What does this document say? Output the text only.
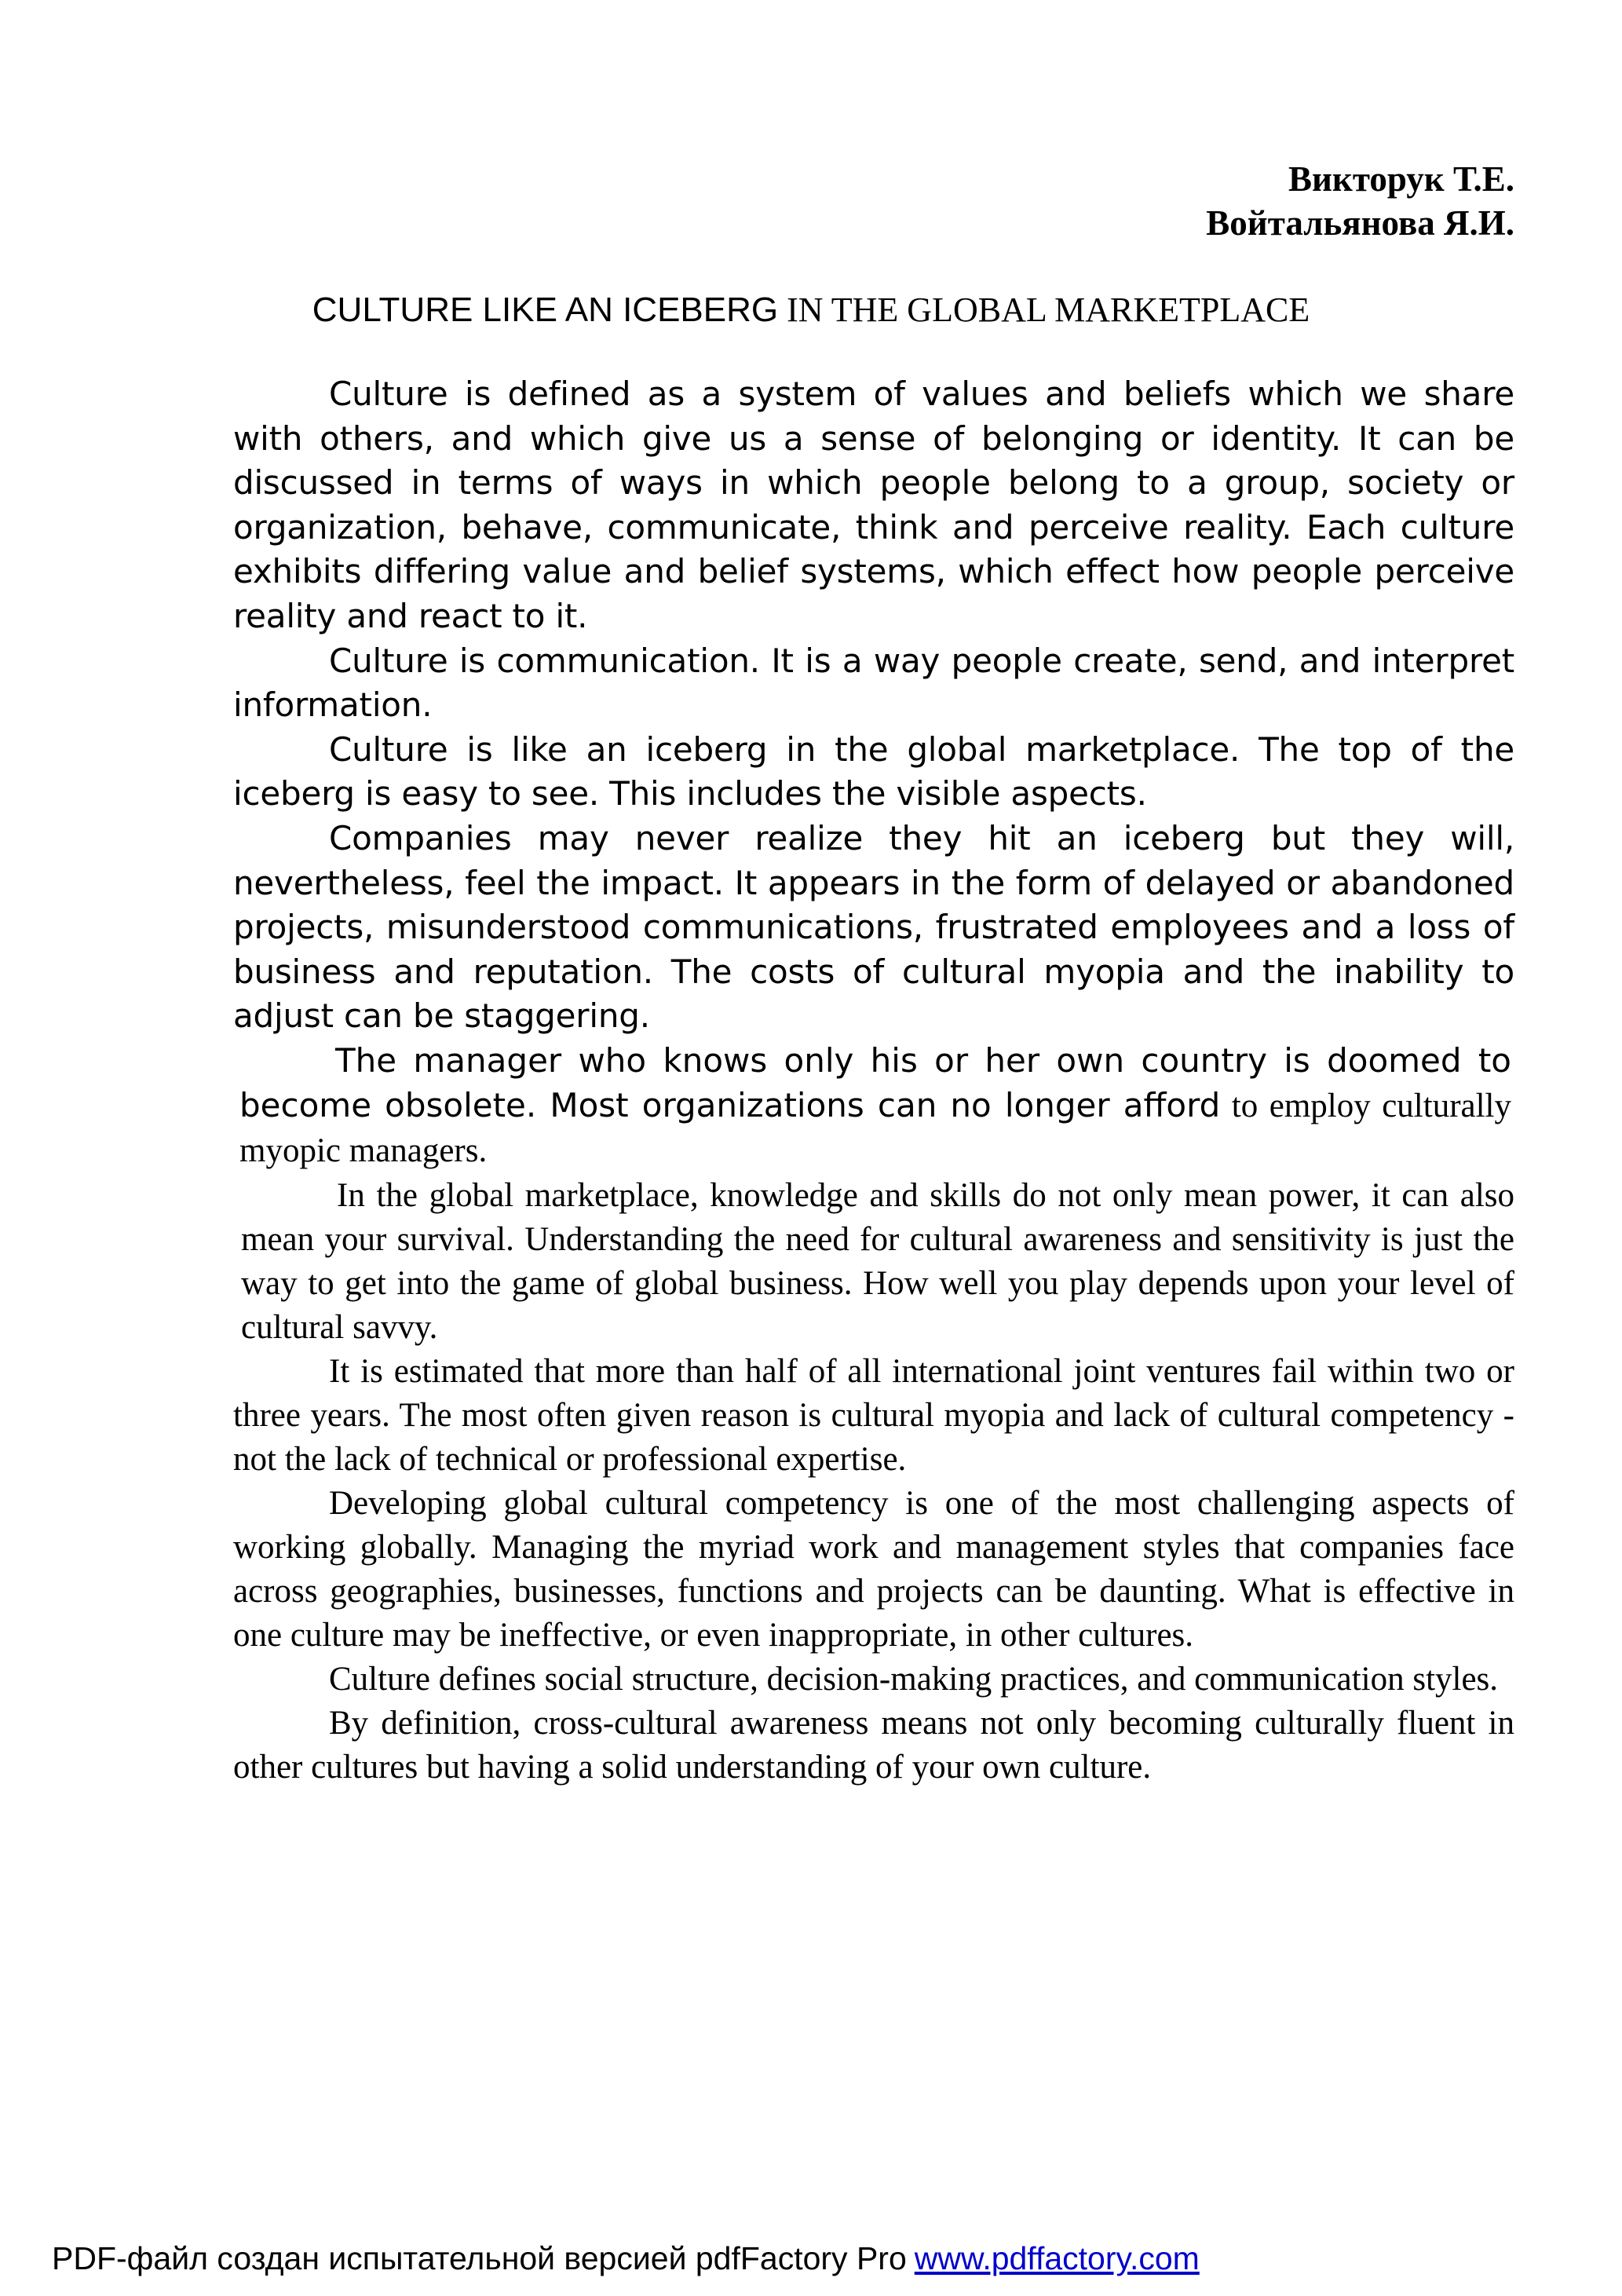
Викторук Т.Е.
Войтальянова Я.И.
CULTURE LIKE AN ICEBERG IN THE GLOBAL MARKETPLACE

Culture is defined as a system of values and beliefs which we share with others, and which give us a sense of belonging or identity. It can be discussed in terms of ways in which people belong to a group, society or organization, behave, communicate, think and perceive reality. Each culture exhibits differing value and belief systems, which effect how people perceive reality and react to it.

Culture is communication. It is a way people create, send, and interpret information.

Culture is like an iceberg in the global marketplace. The top of the iceberg is easy to see. This includes the visible aspects.

Companies may never realize they hit an iceberg but they will, nevertheless, feel the impact. It appears in the form of delayed or abandoned projects, misunderstood communications, frustrated employees and a loss of business and reputation. The costs of cultural myopia and the inability to adjust can be staggering.

The manager who knows only his or her own country is doomed to become obsolete. Most organizations can no longer afford to employ culturally myopic managers.

In the global marketplace, knowledge and skills do not only mean power, it can also mean your survival. Understanding the need for cultural awareness and sensitivity is just the way to get into the game of global business. How well you play depends upon your level of cultural savvy.

It is estimated that more than half of all international joint ventures fail within two or three years. The most often given reason is cultural myopia and lack of cultural competency - not the lack of technical or professional expertise.

Developing global cultural competency is one of the most challenging aspects of working globally. Managing the myriad work and management styles that companies face across geographies, businesses, functions and projects can be daunting. What is effective in one culture may be ineffective, or even inappropriate, in other cultures.

Culture defines social structure, decision-making practices, and communication styles.

By definition, cross-cultural awareness means not only becoming culturally fluent in other cultures but having a solid understanding of your own culture.

PDF-файл создан испытательной версией pdfFactory Pro www.pdffactory.com
